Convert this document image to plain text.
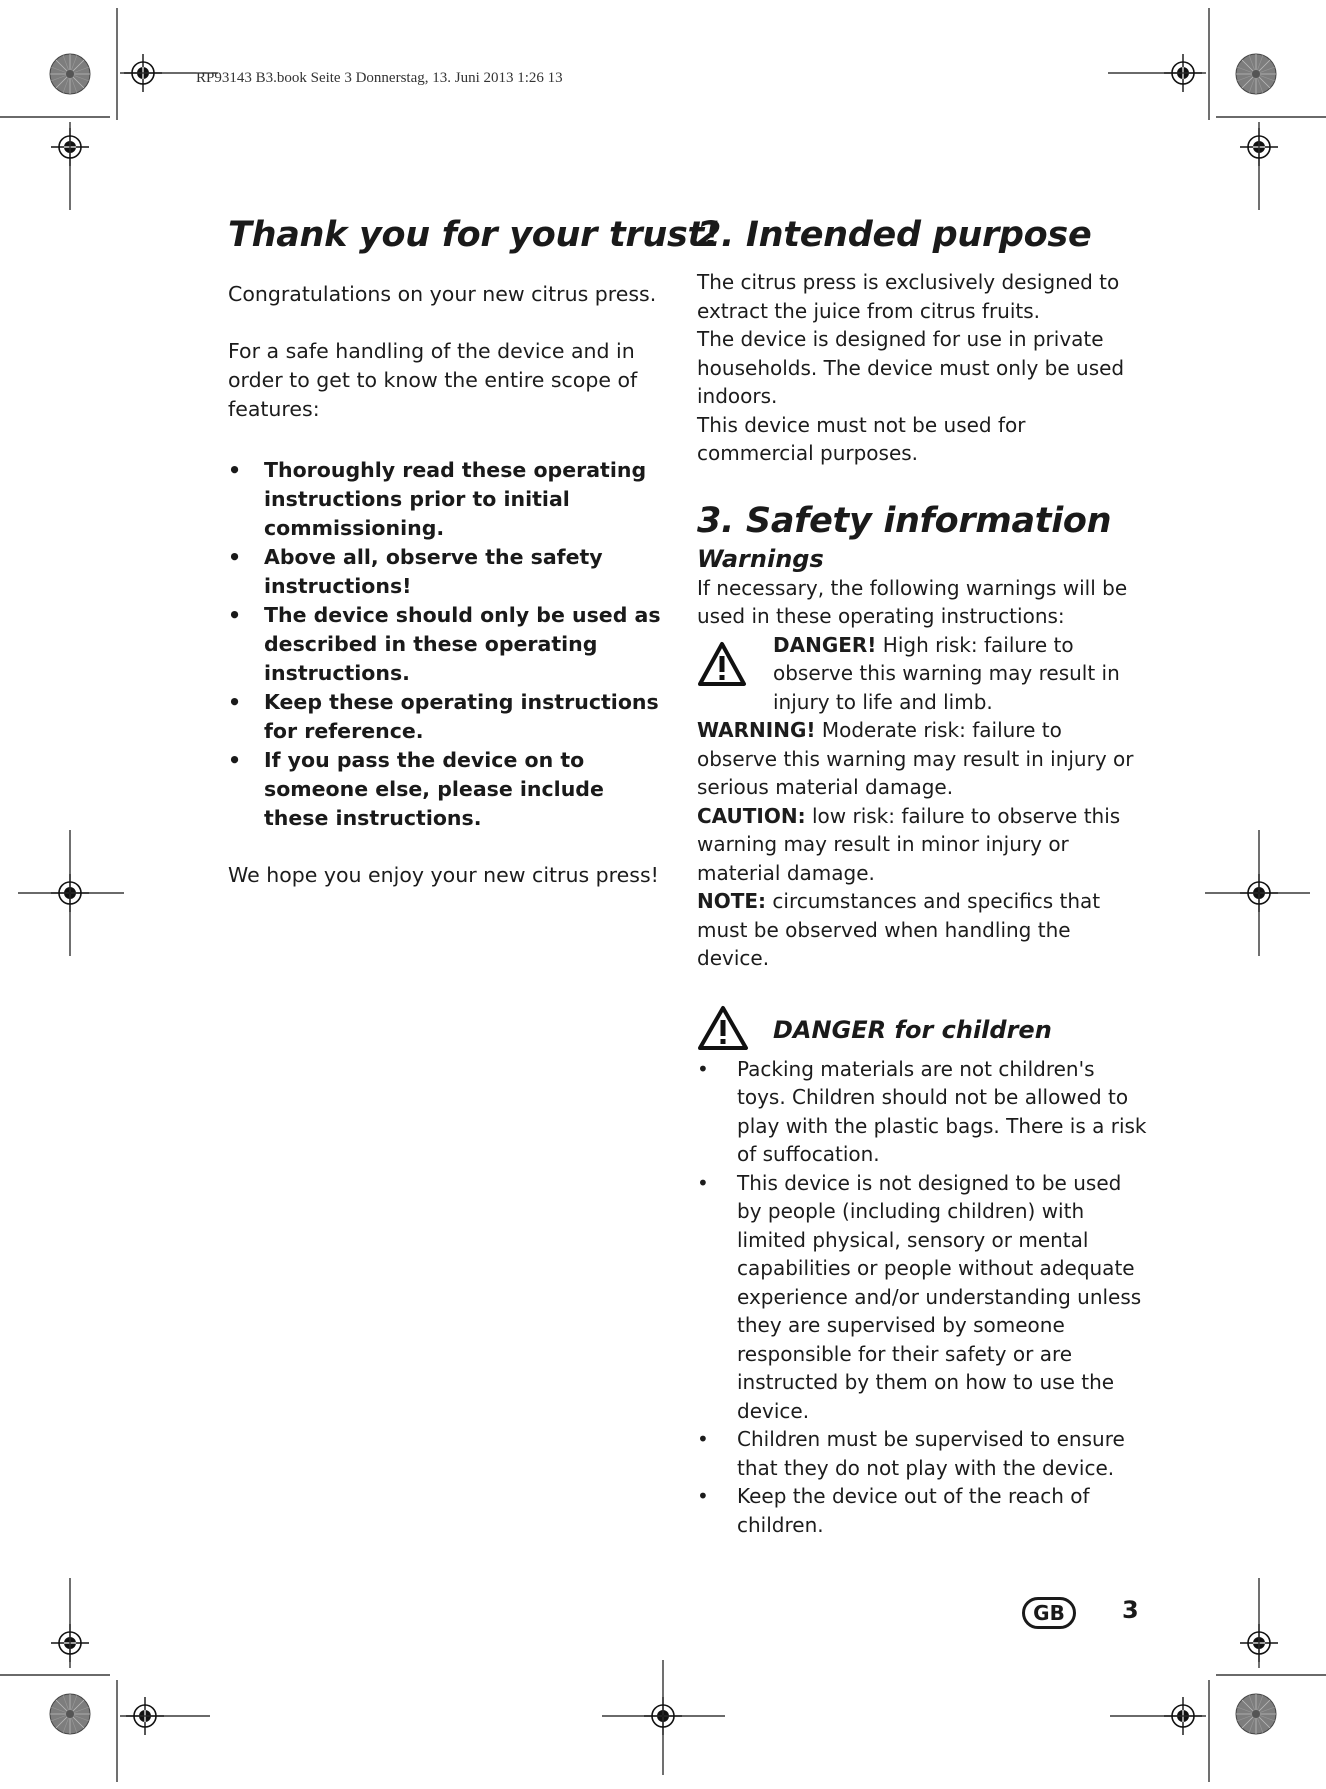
RP93143 B3.book Seite 3 Donnerstag, 13. Juni 2013 1:26 13
Thank you for your trust!

Congratulations on your new citrus press.

For a safe handling of the device and in order to get to know the entire scope of features:

• Thoroughly read these operating instructions prior to initial commissioning.
• Above all, observe the safety instructions!
• The device should only be used as described in these operating instructions.
• Keep these operating instructions for reference.
• If you pass the device on to someone else, please include these instructions.

We hope you enjoy your new citrus press!

2. Intended purpose

The citrus press is exclusively designed to extract the juice from citrus fruits.

The device is designed for use in private households. The device must only be used indoors.

This device must not be used for commercial purposes.

3. Safety information
Warnings

If necessary, the following warnings will be used in these operating instructions:

DANGER! High risk: failure to observe this warning may result in injury to life and limb.

WARNING! Moderate risk: failure to observe this warning may result in injury or serious material damage.

CAUTION: low risk: failure to observe this warning may result in minor injury or material damage.

NOTE: circumstances and specifics that must be observed when handling the device.

DANGER for children
• Packing materials are not children's toys. Children should not be allowed to play with the plastic bags. There is a risk of suffocation.
• This device is not designed to be used by people (including children) with limited physical, sensory or mental capabilities or people without adequate experience and/or understanding unless they are supervised by someone responsible for their safety or are instructed by them on how to use the device.
• Children must be supervised to ensure that they do not play with the device.
• Keep the device out of the reach of children.
GB	3
